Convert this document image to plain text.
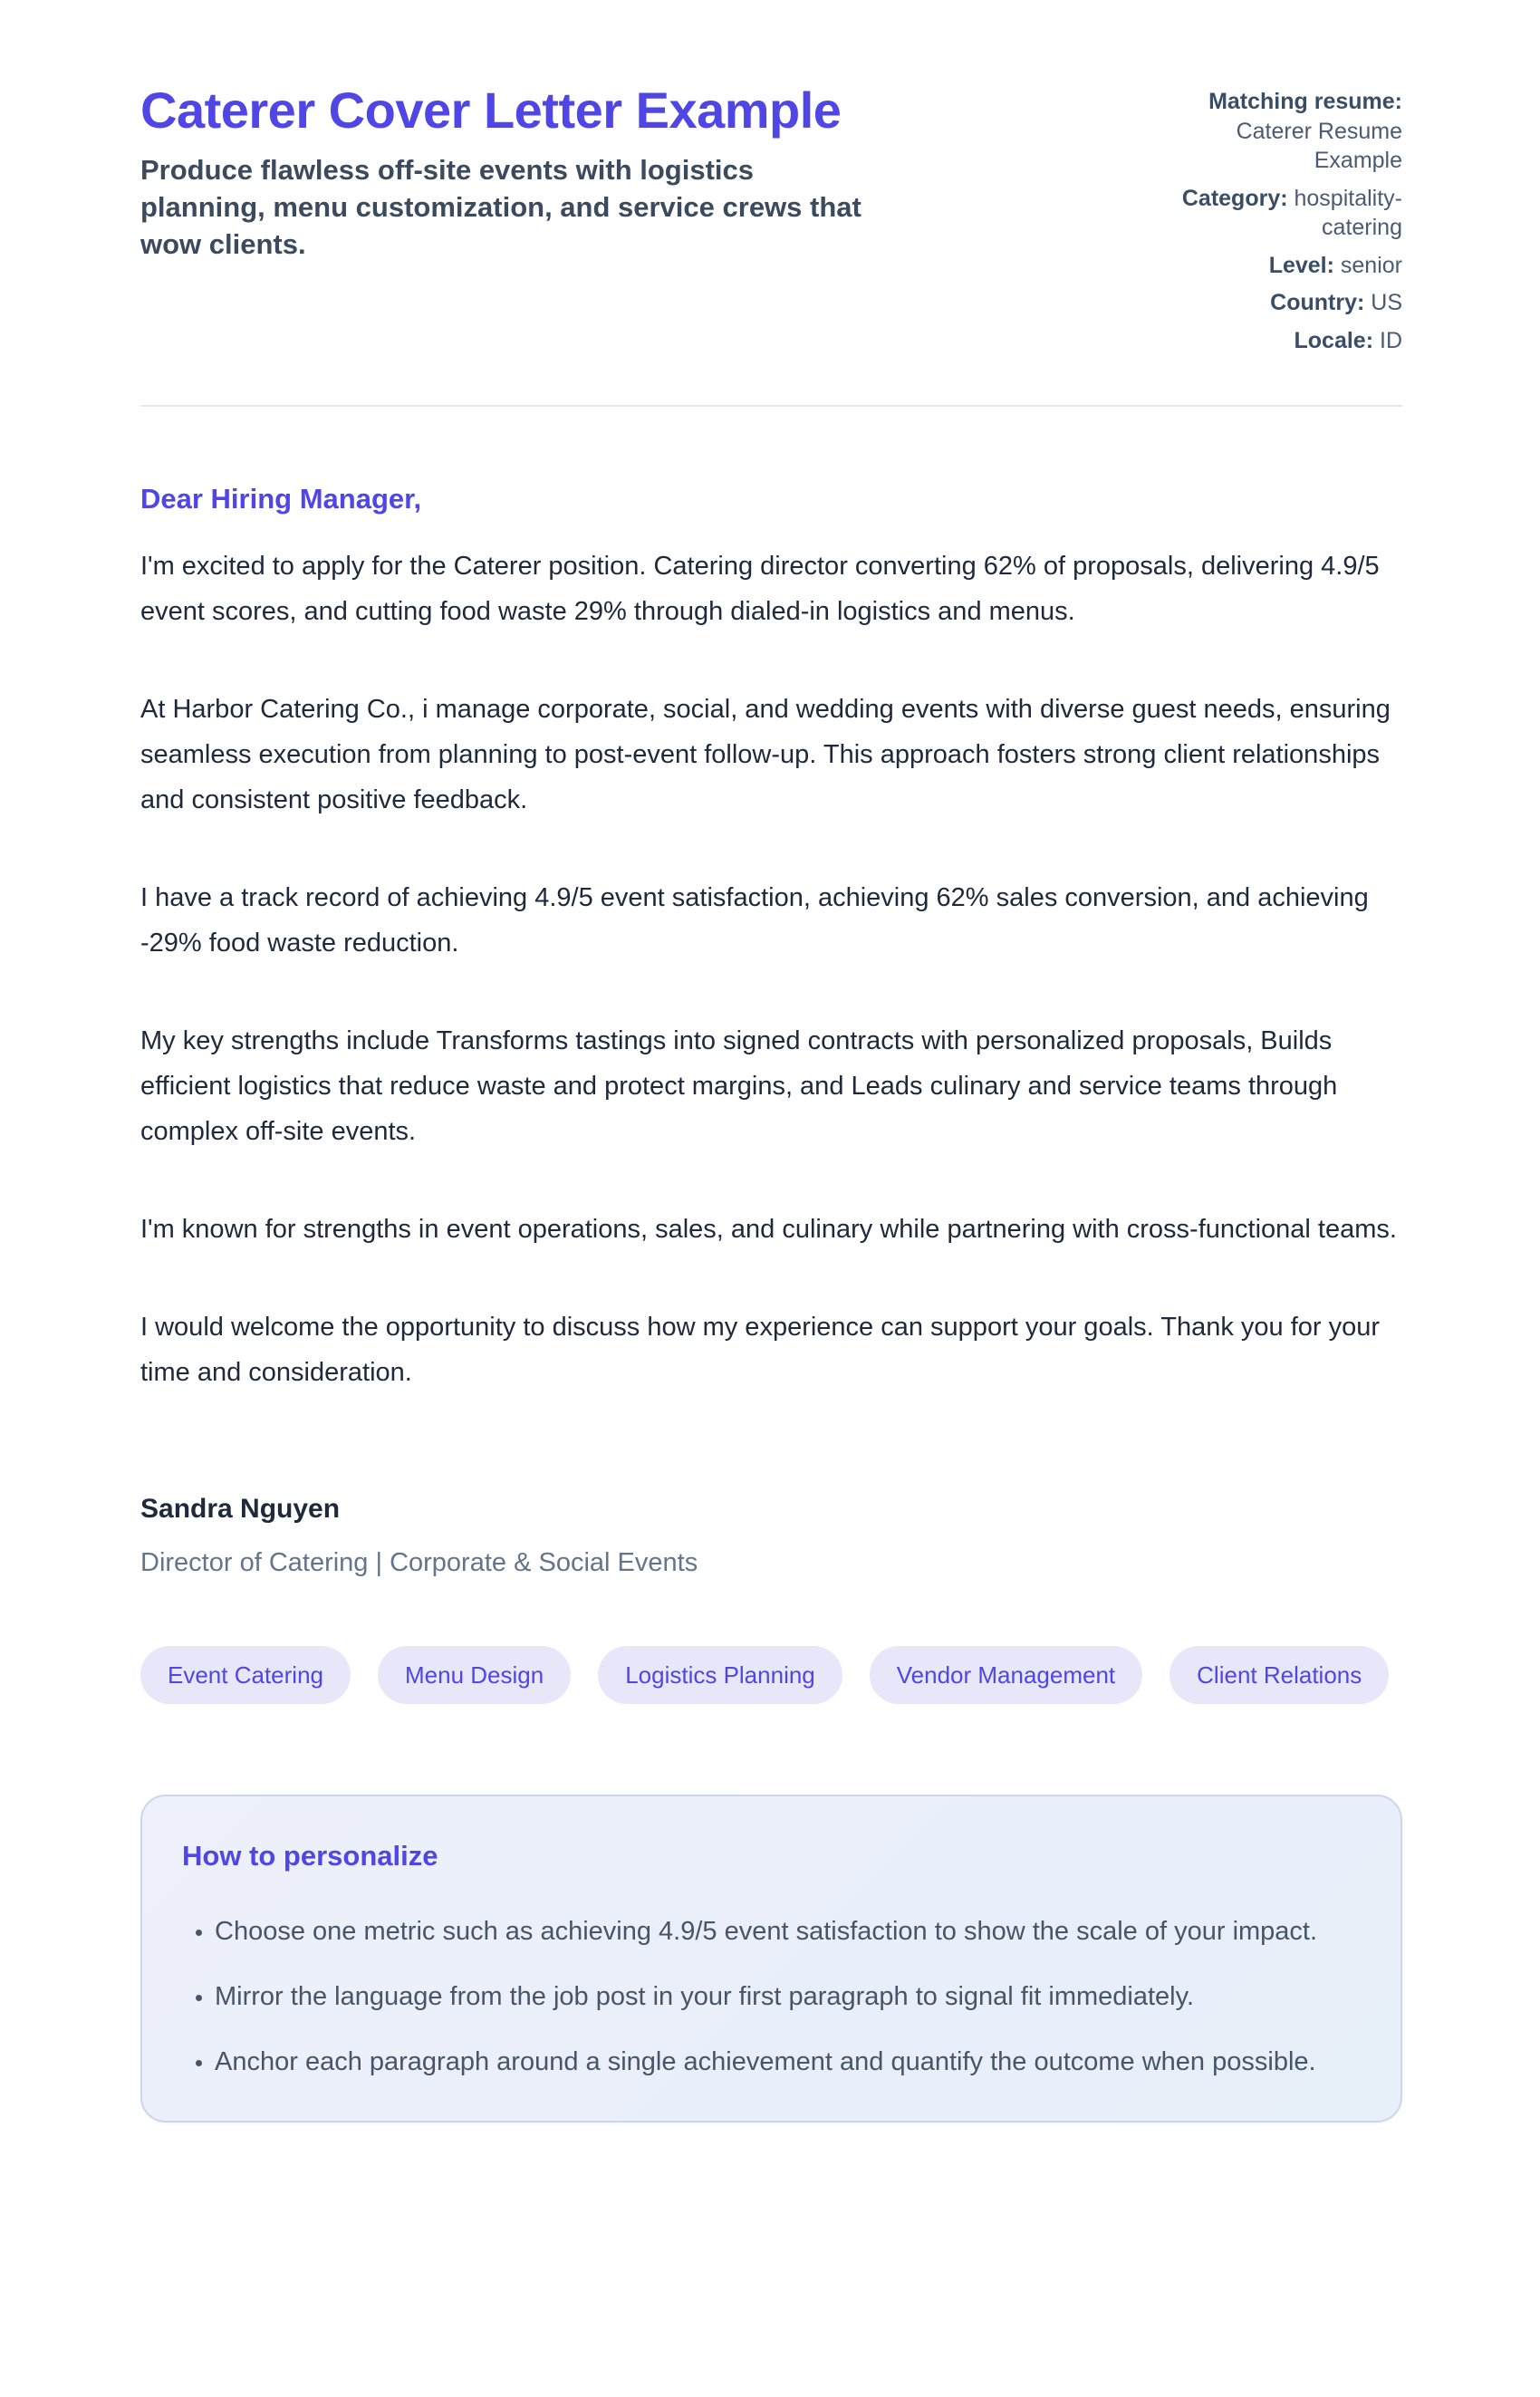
Caterer Cover Letter Example

Produce flawless off-site events with logistics planning, menu customization, and service crews that wow clients.

Matching resume: Caterer Resume Example
Category: hospitality-catering
Level: senior
Country: US
Locale: ID

Dear Hiring Manager,

I'm excited to apply for the Caterer position. Catering director converting 62% of proposals, delivering 4.9/5 event scores, and cutting food waste 29% through dialed-in logistics and menus.

At Harbor Catering Co., i manage corporate, social, and wedding events with diverse guest needs, ensuring seamless execution from planning to post-event follow-up. This approach fosters strong client relationships and consistent positive feedback.

I have a track record of achieving 4.9/5 event satisfaction, achieving 62% sales conversion, and achieving -29% food waste reduction.

My key strengths include Transforms tastings into signed contracts with personalized proposals, Builds efficient logistics that reduce waste and protect margins, and Leads culinary and service teams through complex off-site events.

I'm known for strengths in event operations, sales, and culinary while partnering with cross-functional teams.

I would welcome the opportunity to discuss how my experience can support your goals. Thank you for your time and consideration.

Sandra Nguyen

Director of Catering | Corporate & Social Events

Event Catering	Menu Design	Logistics Planning	Vendor Management	Client Relations
How to personalize
• Choose one metric such as achieving 4.9/5 event satisfaction to show the scale of your impact.
• Mirror the language from the job post in your first paragraph to signal fit immediately.
• Anchor each paragraph around a single achievement and quantify the outcome when possible.
